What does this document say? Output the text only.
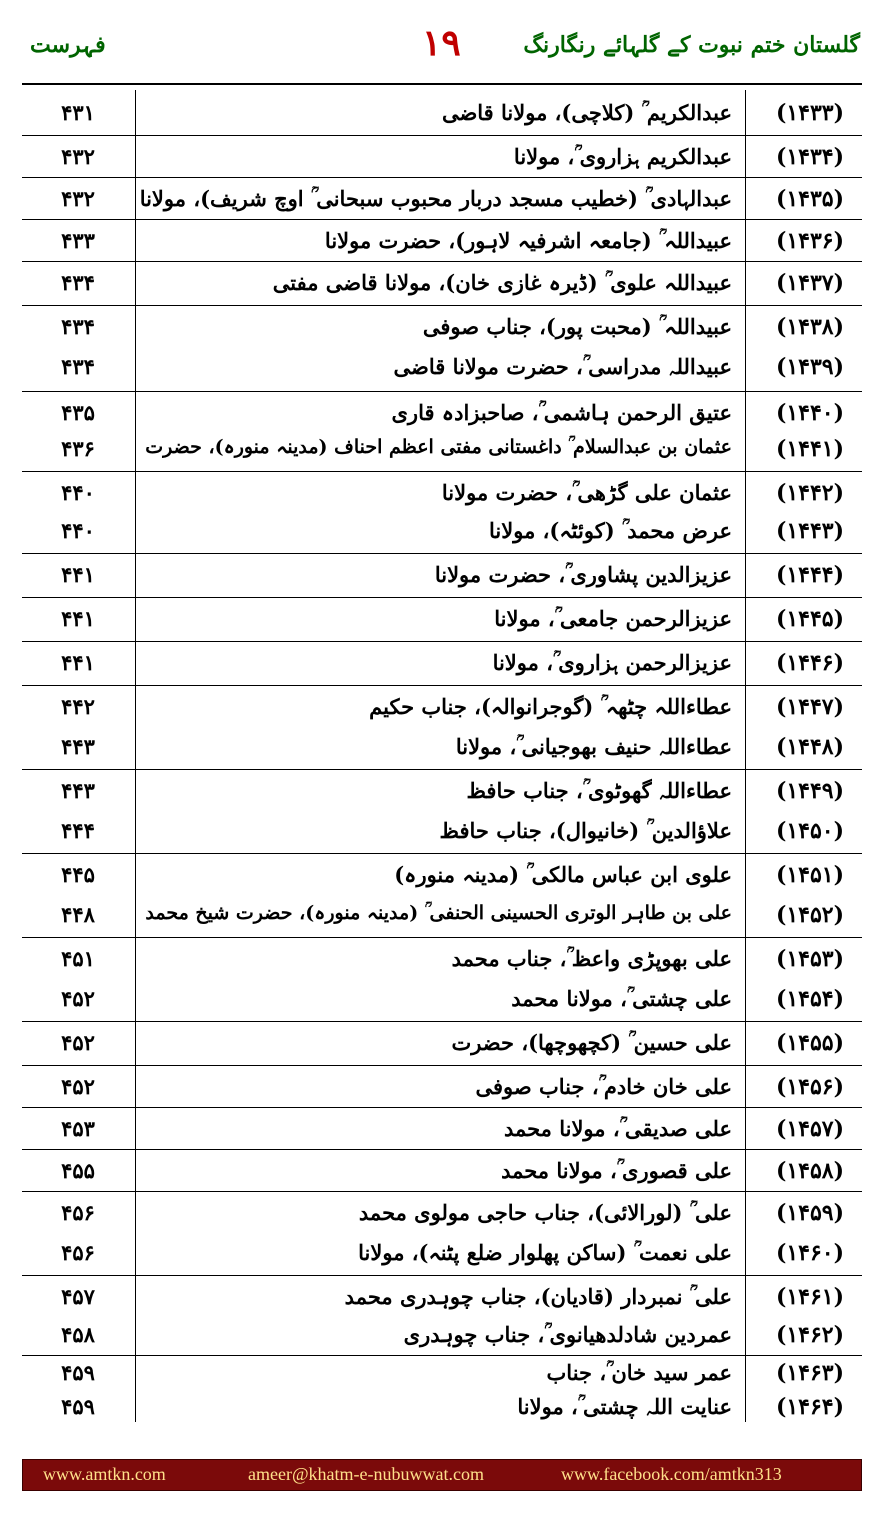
فہرست	۱۹	گلستان ختم نبوت کے گلہائے رنگارنگ
(۱۴۳۳)
عبدالکریم ؒ (کلاچی)، مولانا قاضی
۴۳۱
(۱۴۳۴)
عبدالکریم ہزاروی ؒ، مولانا
۴۳۲
(۱۴۳۵)
عبدالہادی ؒ (خطیب مسجد دربار محبوب سبحانی ؒ اوچ شریف)، مولانا
۴۳۲
(۱۴۳۶)
عبیداللہ ؒ (جامعہ اشرفیہ لاہور)، حضرت مولانا
۴۳۳
(۱۴۳۷)
عبیداللہ علوی ؒ (ڈیرہ غازی خان)، مولانا قاضی مفتی
۴۳۴
(۱۴۳۸)
عبیداللہ ؒ (محبت پور)، جناب صوفی
۴۳۴
(۱۴۳۹)
عبیداللہ مدراسی ؒ، حضرت مولانا قاضی
۴۳۴
(۱۴۴۰)
عتیق الرحمن ہاشمی ؒ، صاحبزادہ قاری
۴۳۵
(۱۴۴۱)
عثمان بن عبدالسلام ؒ داغستانی مفتی اعظم احناف (مدینہ منورہ)، حضرت
۴۳۶
(۱۴۴۲)
عثمان علی گڑھی ؒ، حضرت مولانا
۴۴۰
(۱۴۴۳)
عرض محمد ؒ (کوئٹہ)، مولانا
۴۴۰
(۱۴۴۴)
عزیزالدین پشاوری ؒ، حضرت مولانا
۴۴۱
(۱۴۴۵)
عزیزالرحمن جامعی ؒ، مولانا
۴۴۱
(۱۴۴۶)
عزیزالرحمن ہزاروی ؒ، مولانا
۴۴۱
(۱۴۴۷)
عطاءاللہ چٹھہ ؒ (گوجرانوالہ)، جناب حکیم
۴۴۲
(۱۴۴۸)
عطاءاللہ حنیف بھوجیانی ؒ، مولانا
۴۴۳
(۱۴۴۹)
عطاءاللہ گھوٹوی ؒ، جناب حافظ
۴۴۳
(۱۴۵۰)
علاؤالدین ؒ (خانیوال)، جناب حافظ
۴۴۴
(۱۴۵۱)
علوی ابن عباس مالکی ؒ (مدینہ منورہ)
۴۴۵
(۱۴۵۲)
علی بن طاہر الوتری الحسینی الحنفی ؒ (مدینہ منورہ)، حضرت شیخ محمد
۴۴۸
(۱۴۵۳)
علی بھوپڑی واعظ ؒ، جناب محمد
۴۵۱
(۱۴۵۴)
علی چشتی ؒ، مولانا محمد
۴۵۲
(۱۴۵۵)
علی حسین ؒ (کچھوچھا)، حضرت
۴۵۲
(۱۴۵۶)
علی خان خادم ؒ، جناب صوفی
۴۵۲
(۱۴۵۷)
علی صدیقی ؒ، مولانا محمد
۴۵۳
(۱۴۵۸)
علی قصوری ؒ، مولانا محمد
۴۵۵
(۱۴۵۹)
علی ؒ (لورالائی)، جناب حاجی مولوی محمد
۴۵۶
(۱۴۶۰)
علی نعمت ؒ (ساکن پھلوار ضلع پٹنہ)، مولانا
۴۵۶
(۱۴۶۱)
علی ؒ نمبردار (قادیان)، جناب چوہدری محمد
۴۵۷
(۱۴۶۲)
عمردین شادلدھیانوی ؒ، جناب چوہدری
۴۵۸
(۱۴۶۳)
عمر سید خان ؒ، جناب
۴۵۹
(۱۴۶۴)
عنایت اللہ چشتی ؒ، مولانا
۴۵۹
www.amtkn.com	ameer@khatm-e-nubuwwat.com	www.facebook.com/amtkn313
